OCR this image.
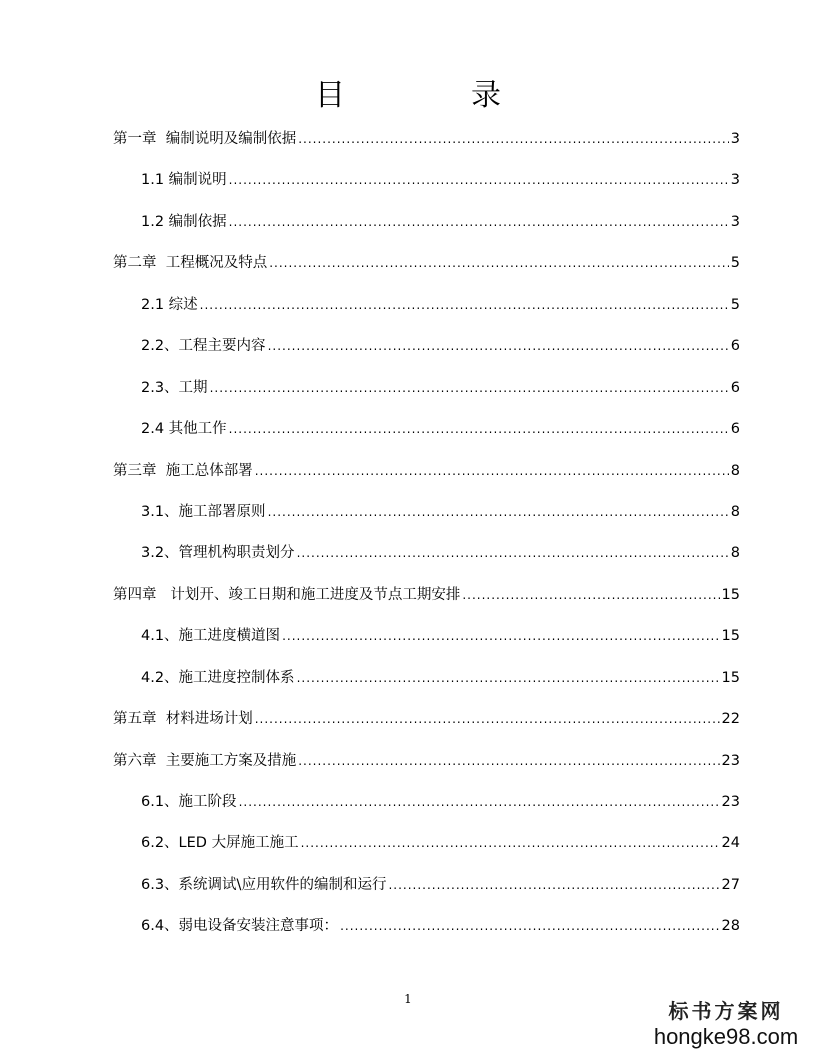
目　录
第一章  编制说明及编制依据 .....	3
1.1 编制说明 .....	3
1.2 编制依据 .....	3
第二章  工程概况及特点 .....	5
2.1 综述 .....	5
2.2、工程主要内容 .....	6
2.3、工期 .....	6
2.4 其他工作 .....	6
第三章  施工总体部署 .....	8
3.1、施工部署原则 .....	8
3.2、管理机构职责划分 .....	8
第四章   计划开、竣工日期和施工进度及节点工期安排 .....	15
4.1、施工进度横道图 .....	15
4.2、施工进度控制体系 .....	15
第五章  材料进场计划 .....	22
第六章  主要施工方案及措施 .....	23
6.1、施工阶段 .....	23
6.2、LED 大屏施工施工 .....	24
6.3、系统调试\应用软件的编制和运行 .....	27
6.4、弱电设备安装注意事项： .....	28
1	标书方案网
hongke98.com
